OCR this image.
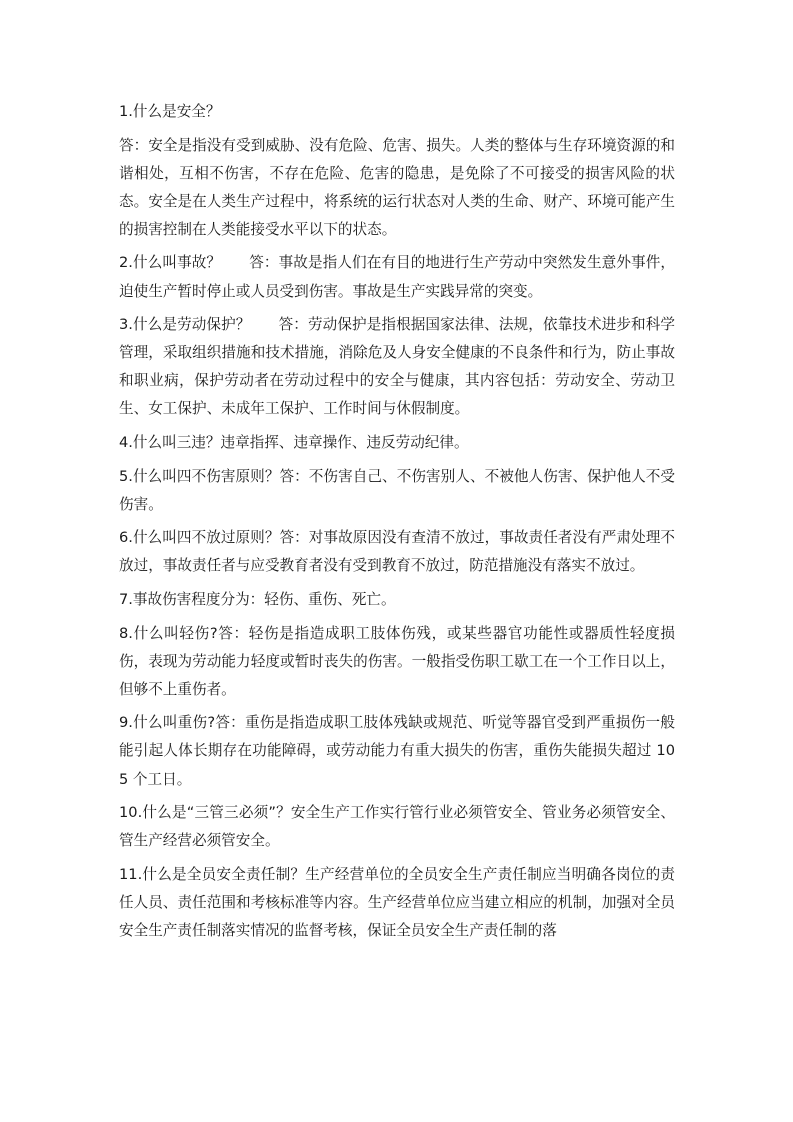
1.什么是安全？

答：安全是指没有受到威胁、没有危险、危害、损失。人类的整体与生存环境资源的和谐相处，互相不伤害，不存在危险、危害的隐患，是免除了不可接受的损害风险的状态。安全是在人类生产过程中，将系统的运行状态对人类的生命、财产、环境可能产生的损害控制在人类能接受水平以下的状态。

2.什么叫事故？ 答：事故是指人们在有目的地进行生产劳动中突然发生意外事件，迫使生产暂时停止或人员受到伤害。事故是生产实践异常的突变。

3.什么是劳动保护？ 答：劳动保护是指根据国家法律、法规，依靠技术进步和科学管理，采取组织措施和技术措施，消除危及人身安全健康的不良条件和行为，防止事故和职业病，保护劳动者在劳动过程中的安全与健康，其内容包括：劳动安全、劳动卫生、女工保护、未成年工保护、工作时间与休假制度。

4.什么叫三违？违章指挥、违章操作、违反劳动纪律。

5.什么叫四不伤害原则？答：不伤害自己、不伤害别人、不被他人伤害、保护他人不受伤害。

6.什么叫四不放过原则？答：对事故原因没有查清不放过，事故责任者没有严肃处理不放过，事故责任者与应受教育者没有受到教育不放过，防范措施没有落实不放过。

7.事故伤害程度分为：轻伤、重伤、死亡。

8.什么叫轻伤?答：轻伤是指造成职工肢体伤残，或某些器官功能性或器质性轻度损伤，表现为劳动能力轻度或暂时丧失的伤害。一般指受伤职工歇工在一个工作日以上，但够不上重伤者。

9.什么叫重伤?答：重伤是指造成职工肢体残缺或规范、听觉等器官受到严重损伤一般能引起人体长期存在功能障碍，或劳动能力有重大损失的伤害，重伤失能损失超过 105 个工日。

10.什么是“三管三必须”？安全生产工作实行管行业必须管安全、管业务必须管安全、管生产经营必须管安全。

11.什么是全员安全责任制？生产经营单位的全员安全生产责任制应当明确各岗位的责任人员、责任范围和考核标准等内容。生产经营单位应当建立相应的机制，加强对全员安全生产责任制落实情况的监督考核，保证全员安全生产责任制的落
